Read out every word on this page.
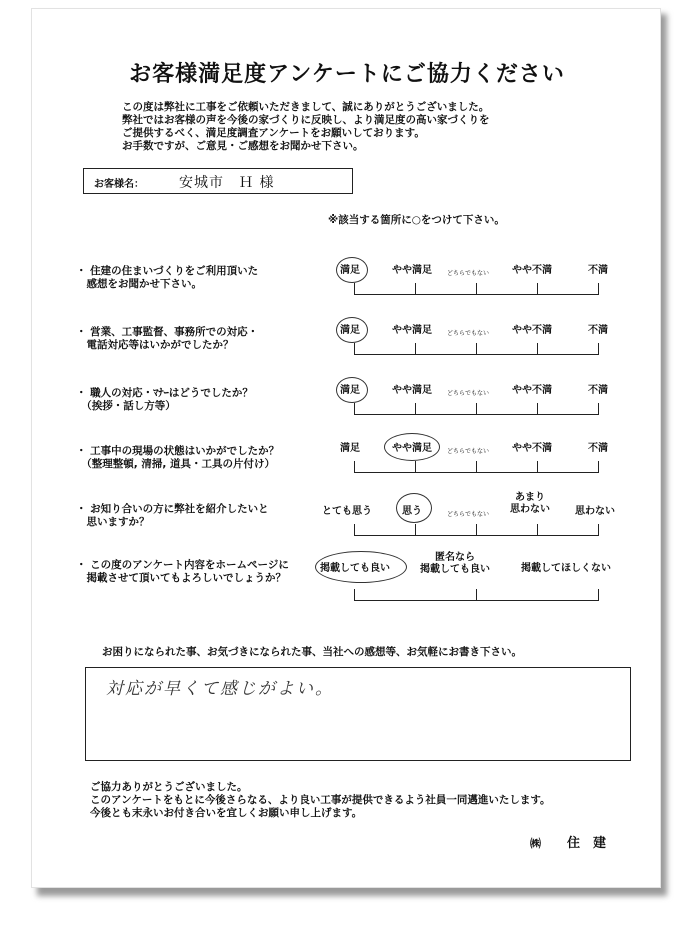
お客様満足度アンケートにご協力ください
この度は弊社に工事をご依頼いただきまして、誠にありがとうございました。
弊社ではお客様の声を今後の家づくりに反映し、より満足度の高い家づくりを
ご提供するべく、満足度調査アンケートをお願いしております。
お手数ですが、ご意見・ご感想をお聞かせ下さい。
お客様名：	安城市　Ｈ 様
※該当する箇所に○をつけて下さい。
・ 住建の住まいづくりをご利用頂いた
　感想をお聞かせ下さい。
満足	やや満足	どちらでもない やや不満	不満
・ 営業、工事監督、事務所での対応・
　電話対応等はいかがでしたか？
満足	やや満足	どちらでもない やや不満	不満
・ 職人の対応・ﾏﾅｰはどうでしたか？
　（挨拶・話し方等）
満足	やや満足	どちらでもない やや不満	不満
・ 工事中の現場の状態はいかがでしたか？
　（整理整頓, 清掃, 道具・工具の片付け）
満足	やや満足	どちらでもない やや不満	不満
・ お知り合いの方に弊社を紹介したいと
　思いますか？
とても思う	思う	どちらでもない
あまり
思わない	思わない
・ この度のアンケート内容をホームページに
　掲載させて頂いてもよろしいでしょうか？
掲載しても良い
匿名なら
掲載しても良い	掲載してほしくない
お困りになられた事、お気づきになられた事、当社への感想等、お気軽にお書き下さい。
対応が早くて感じがよい。
ご協力ありがとうございました。
このアンケートをもとに今後さらなる、より良い工事が提供できるよう社員一同邁進いたします。
今後とも末永いお付き合いを宜しくお願い申し上げます。
㈱ 住　建
